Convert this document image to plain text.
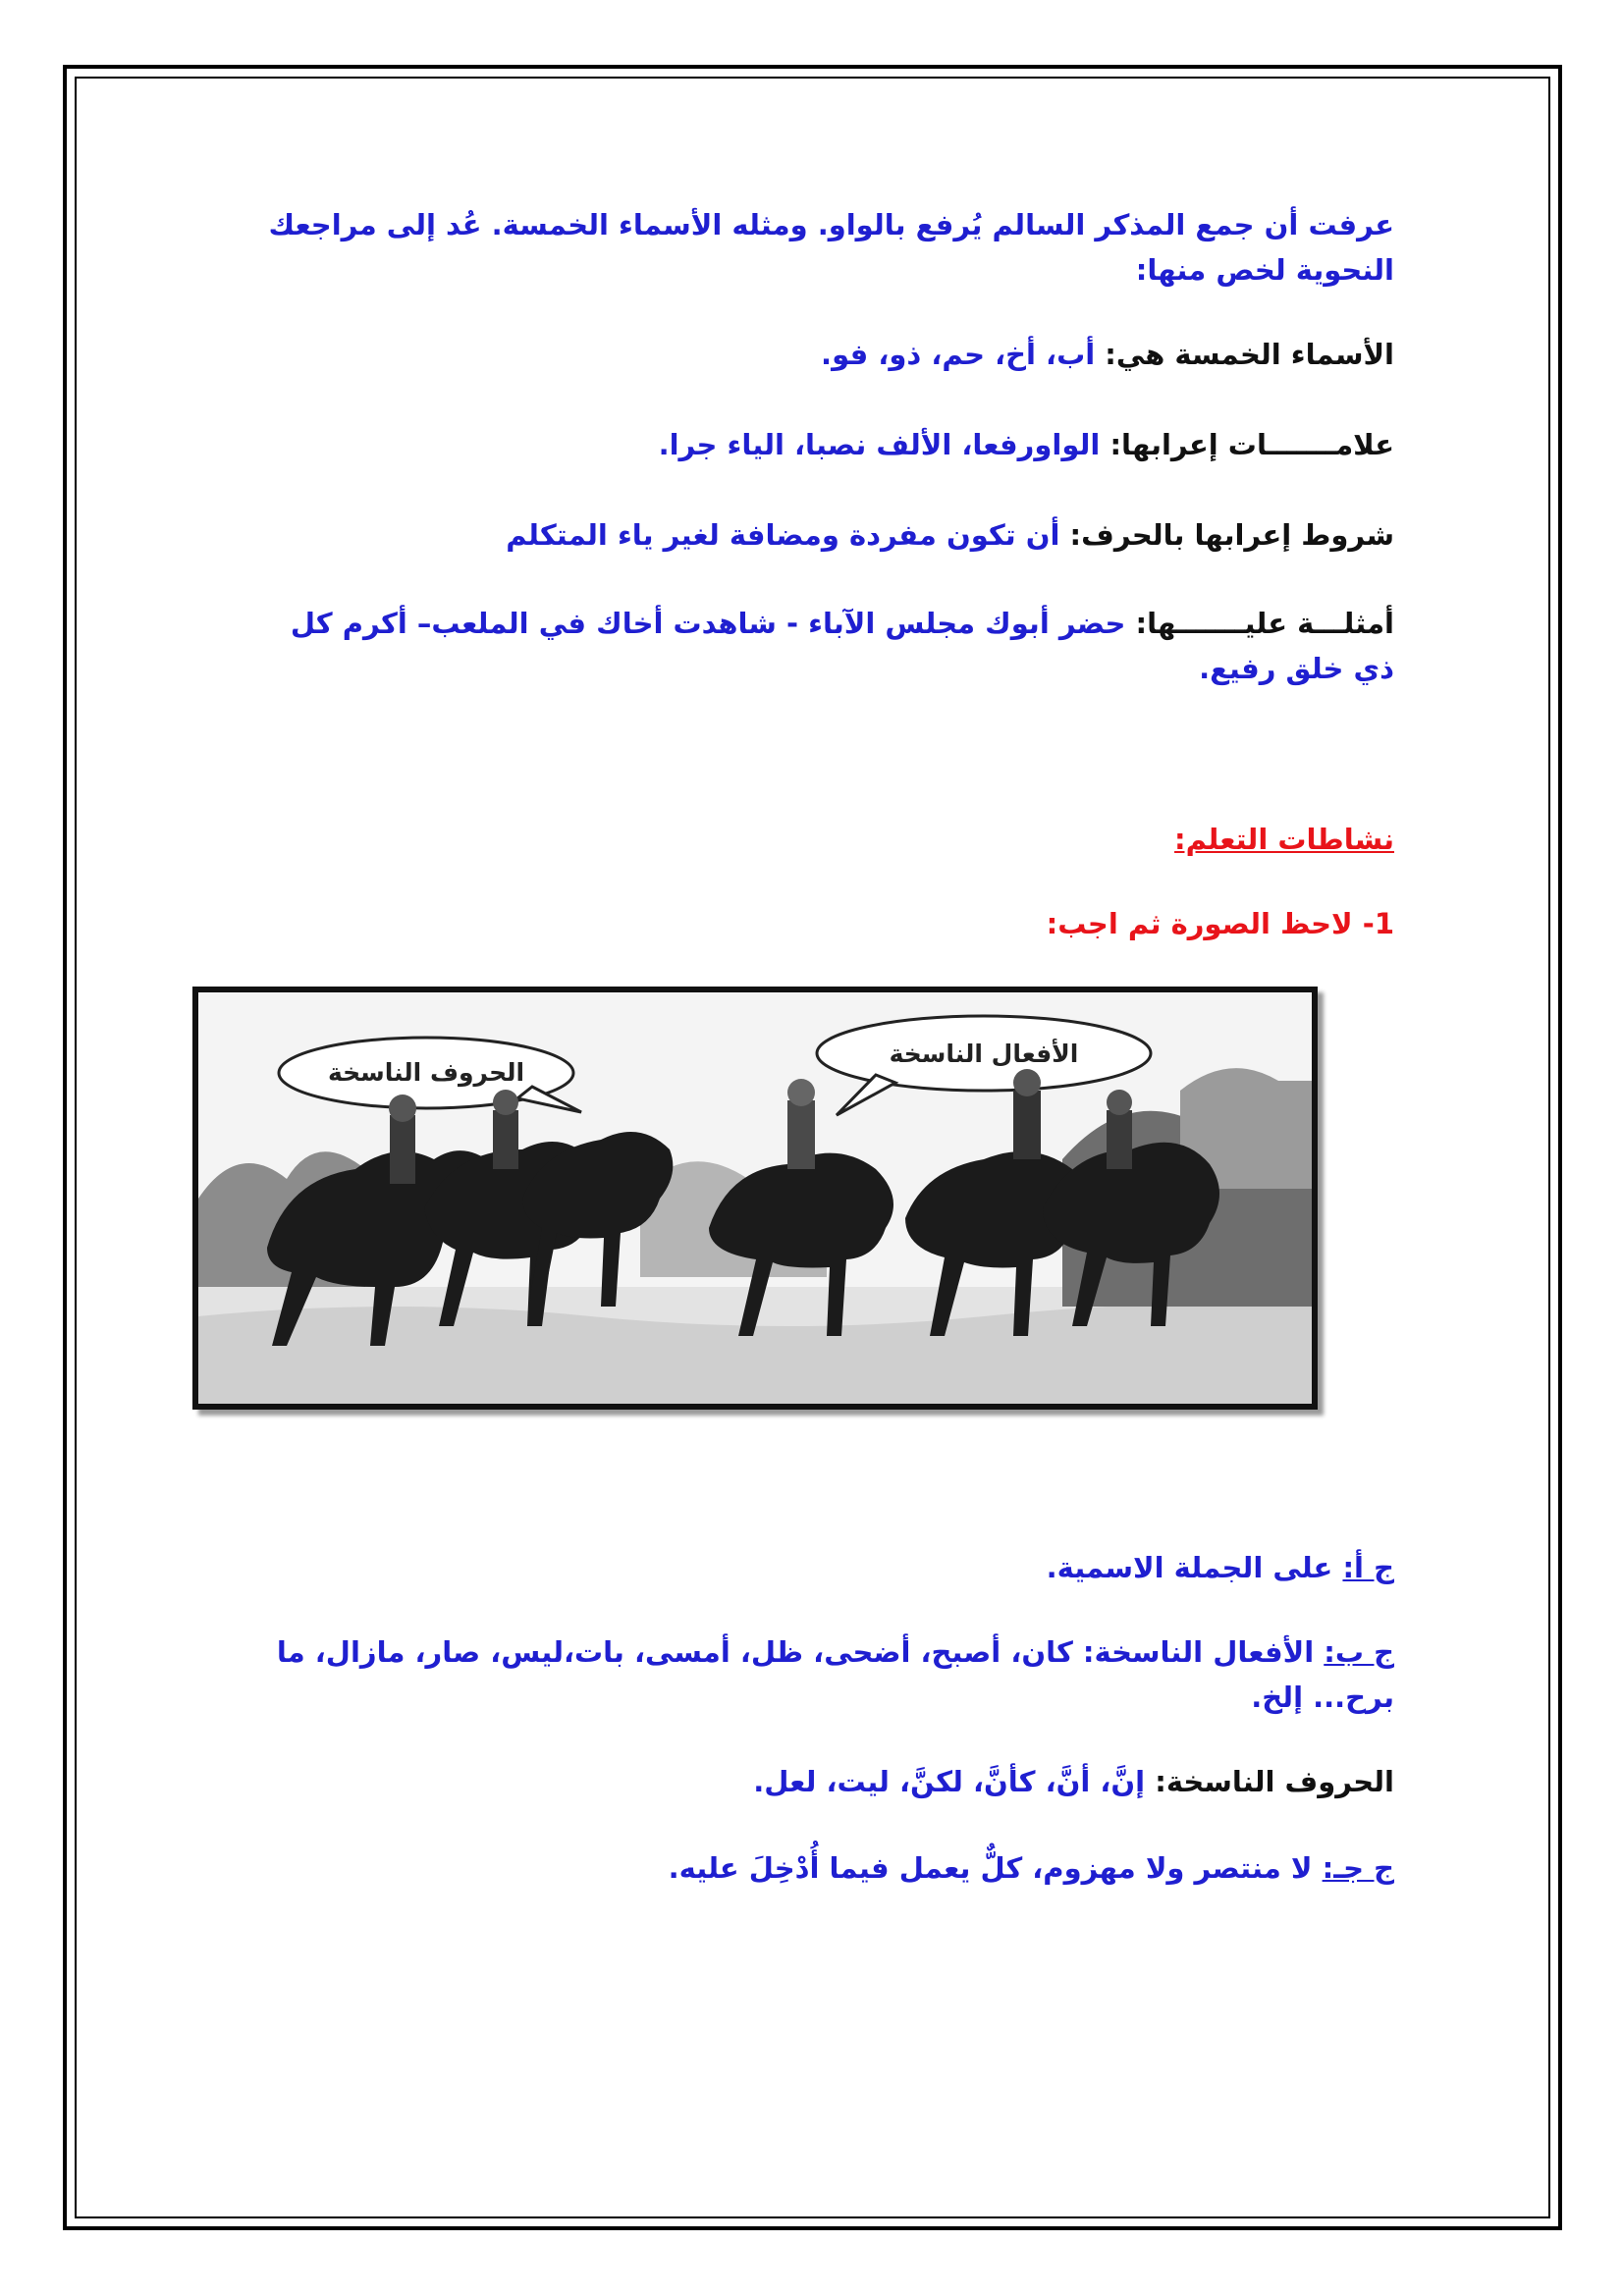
عرفت أن جمع المذكر السالم يُرفع بالواو. ومثله الأسماء الخمسة. عُد إلى مراجعك النحوية لخص منها:

الأسماء الخمسة هي: أب، أخ، حم، ذو، فو.

علامـــــــات إعرابها: الواورفعا، الألف نصبا، الياء جرا.

شروط إعرابها بالحرف: أن تكون مفردة ومضافة لغير ياء المتكلم

أمثلـــة عليـــــــها: حضر أبوك مجلس الآباء - شاهدت أخاك في الملعب– أكرم كل ذي خلق رفيع.

نشاطات التعلم:

1- لاحظ الصورة ثم اجب:

ج أ: على الجملة الاسمية.

ج ب: الأفعال الناسخة: كان، أصبح، أضحى، ظل، أمسى، بات،ليس، صار، مازال، ما برح... إلخ.

الحروف الناسخة: إنَّ، أنَّ، كأنَّ، لكنَّ، ليت، لعل.

ج جـ: لا منتصر ولا مهزوم، كلٌّ يعمل فيما أُدْخِلَ عليه.

الحروف الناسخة
الأفعال الناسخة
